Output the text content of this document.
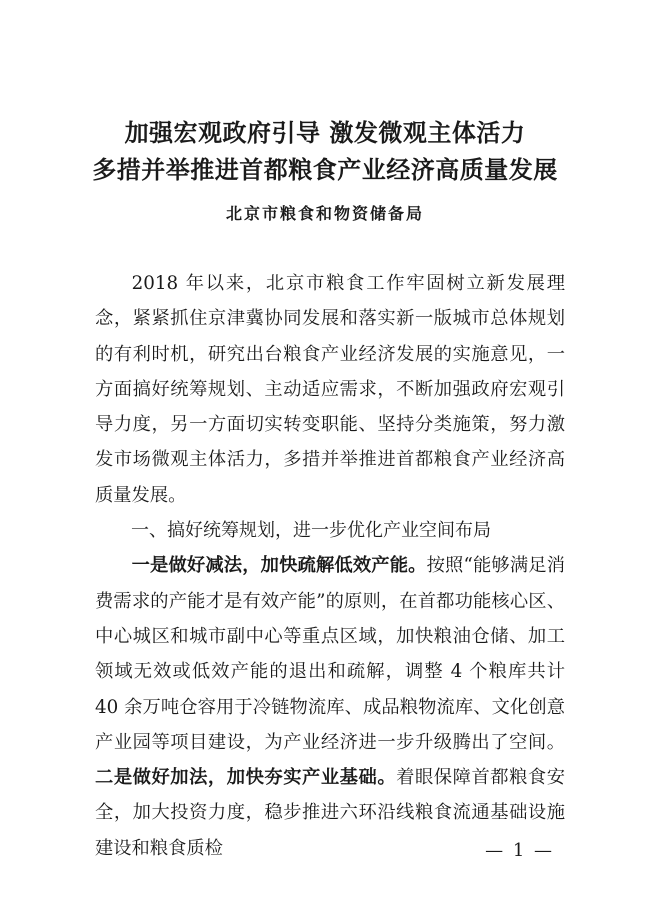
加强宏观政府引导 激发微观主体活力
多措并举推进首都粮食产业经济高质量发展
北京市粮食和物资储备局

2018 年以来，北京市粮食工作牢固树立新发展理念，紧紧抓住京津冀协同发展和落实新一版城市总体规划的有利时机，研究出台粮食产业经济发展的实施意见，一方面搞好统筹规划、主动适应需求，不断加强政府宏观引导力度，另一方面切实转变职能、坚持分类施策，努力激发市场微观主体活力，多措并举推进首都粮食产业经济高质量发展。

一、搞好统筹规划，进一步优化产业空间布局

一是做好减法，加快疏解低效产能。按照“能够满足消费需求的产能才是有效产能”的原则，在首都功能核心区、中心城区和城市副中心等重点区域，加快粮油仓储、加工领域无效或低效产能的退出和疏解，调整 4 个粮库共计 40 余万吨仓容用于冷链物流库、成品粮物流库、文化创意产业园等项目建设，为产业经济进一步升级腾出了空间。二是做好加法，加快夯实产业基础。着眼保障首都粮食安全，加大投资力度，稳步推进六环沿线粮食流通基础设施建设和粮食质检	— 1 —
